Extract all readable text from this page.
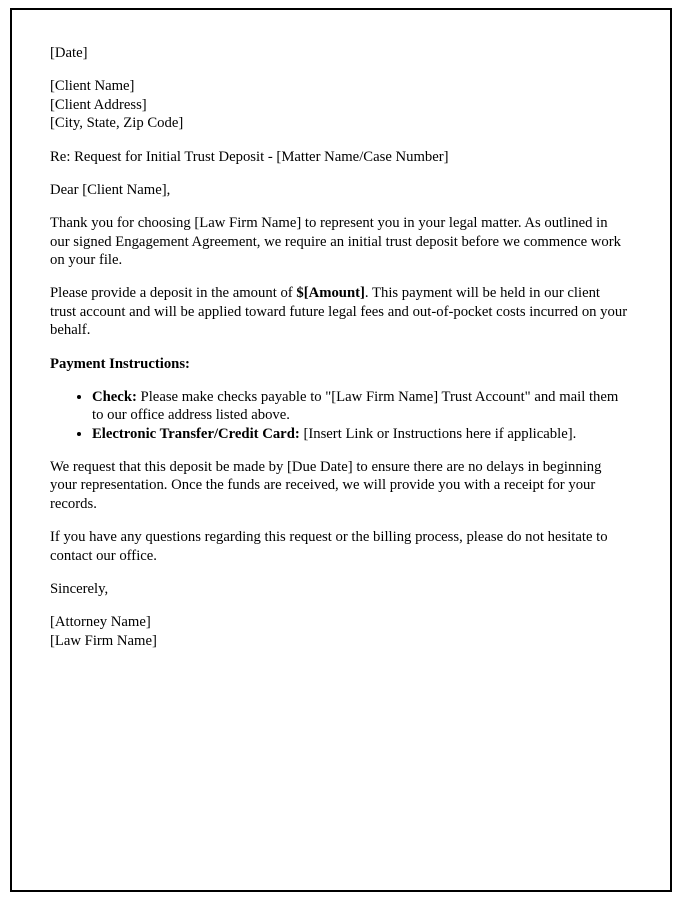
[Date]

[Client Name]
[Client Address]
[City, State, Zip Code]

Re: Request for Initial Trust Deposit - [Matter Name/Case Number]

Dear [Client Name],

Thank you for choosing [Law Firm Name] to represent you in your legal matter. As outlined in our signed Engagement Agreement, we require an initial trust deposit before we commence work on your file.

Please provide a deposit in the amount of $[Amount]. This payment will be held in our client trust account and will be applied toward future legal fees and out-of-pocket costs incurred on your behalf.

Payment Instructions:

• Check: Please make checks payable to "[Law Firm Name] Trust Account" and mail them to our office address listed above.
• Electronic Transfer/Credit Card: [Insert Link or Instructions here if applicable].

We request that this deposit be made by [Due Date] to ensure there are no delays in beginning your representation. Once the funds are received, we will provide you with a receipt for your records.

If you have any questions regarding this request or the billing process, please do not hesitate to contact our office.

Sincerely,

[Attorney Name]
[Law Firm Name]
